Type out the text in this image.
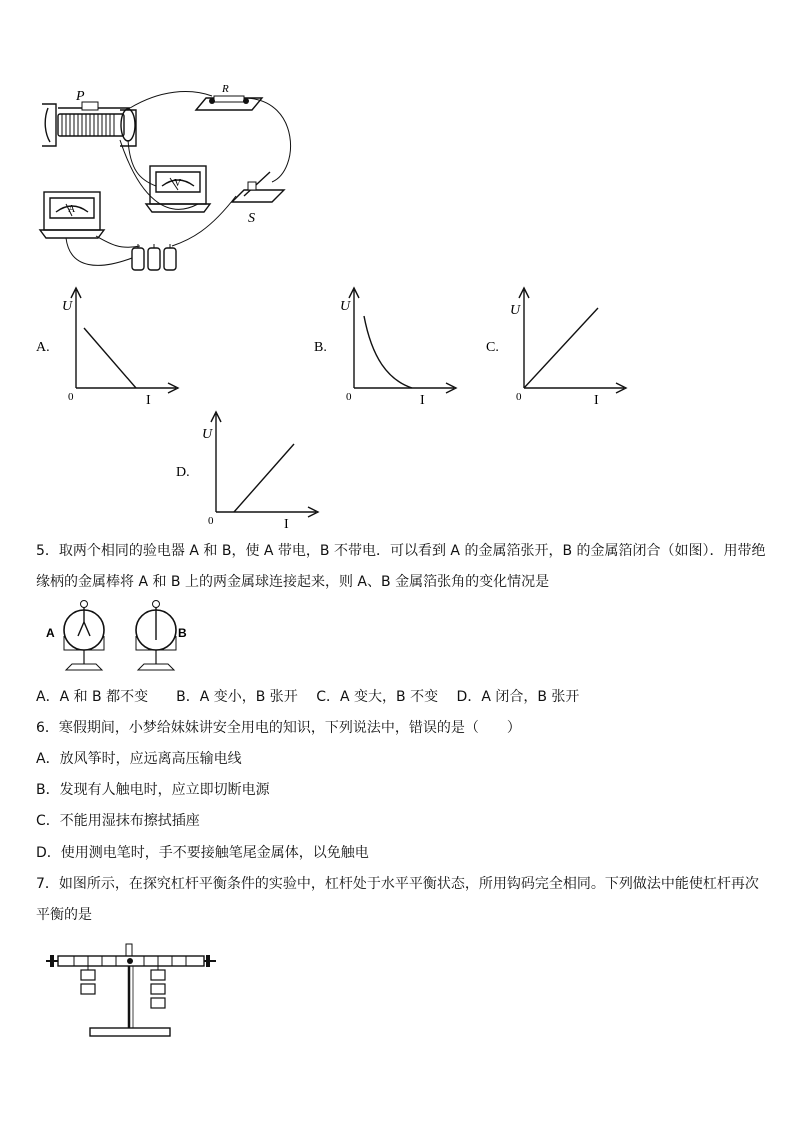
P	R
S
A
V
A.
U
I
0
B.
U
I
0
C.
U
I
0
D.
U
I
0
5．取两个相同的验电器 A 和 B，使 A 带电，B 不带电．可以看到 A 的金属箔张开，B 的金属箔闭合（如图）．用带绝
缘柄的金属棒将 A 和 B 上的两金属球连接起来，则 A、B 金属箔张角的变化情况是
A	B
A．A 和 B 都不变　　B．A 变小，B 张开　 C．A 变大，B 不变　 D．A 闭合，B 张开
6．寒假期间，小梦给妹妹讲安全用电的知识，下列说法中，错误的是（　　）
A．放风筝时，应远离高压输电线
B．发现有人触电时，应立即切断电源
C．不能用湿抹布擦拭插座
D．使用测电笔时，手不要接触笔尾金属体，以免触电
7．如图所示，在探究杠杆平衡条件的实验中，杠杆处于水平平衡状态，所用钩码完全相同。下列做法中能使杠杆再次
平衡的是
